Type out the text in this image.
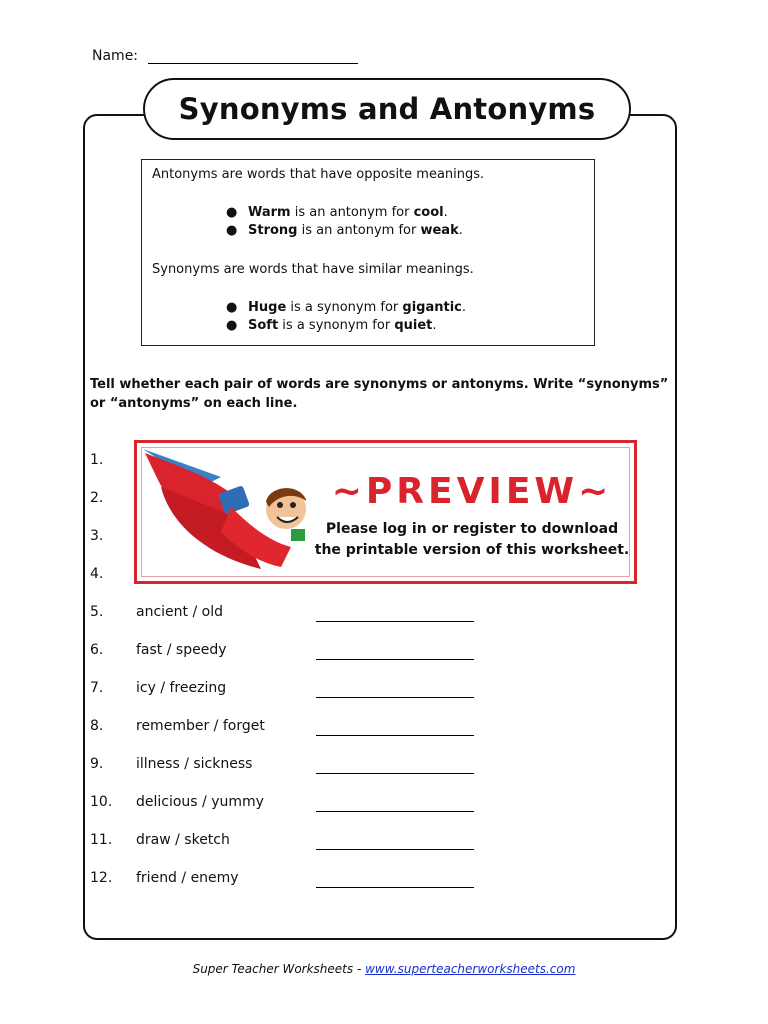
Name:
Synonyms and Antonyms
Antonyms are words that have opposite meanings.
● Warm is an antonym for cool.
● Strong is an antonym for weak.
Synonyms are words that have similar meanings.
● Huge is a synonym for gigantic.
● Soft is a synonym for quiet.
Tell whether each pair of words are synonyms or antonyms. Write “synonyms” or “antonyms” on each line.
1.
2.
3.
4.
5. ancient / old
6. fast / speedy
7. icy / freezing
8. remember / forget
9. illness / sickness
10. delicious / yummy
11. draw / sketch
12. friend / enemy
~PREVIEW~
Please log in or register to download
the printable version of this worksheet.
Super Teacher Worksheets - www.superteacherworksheets.com
